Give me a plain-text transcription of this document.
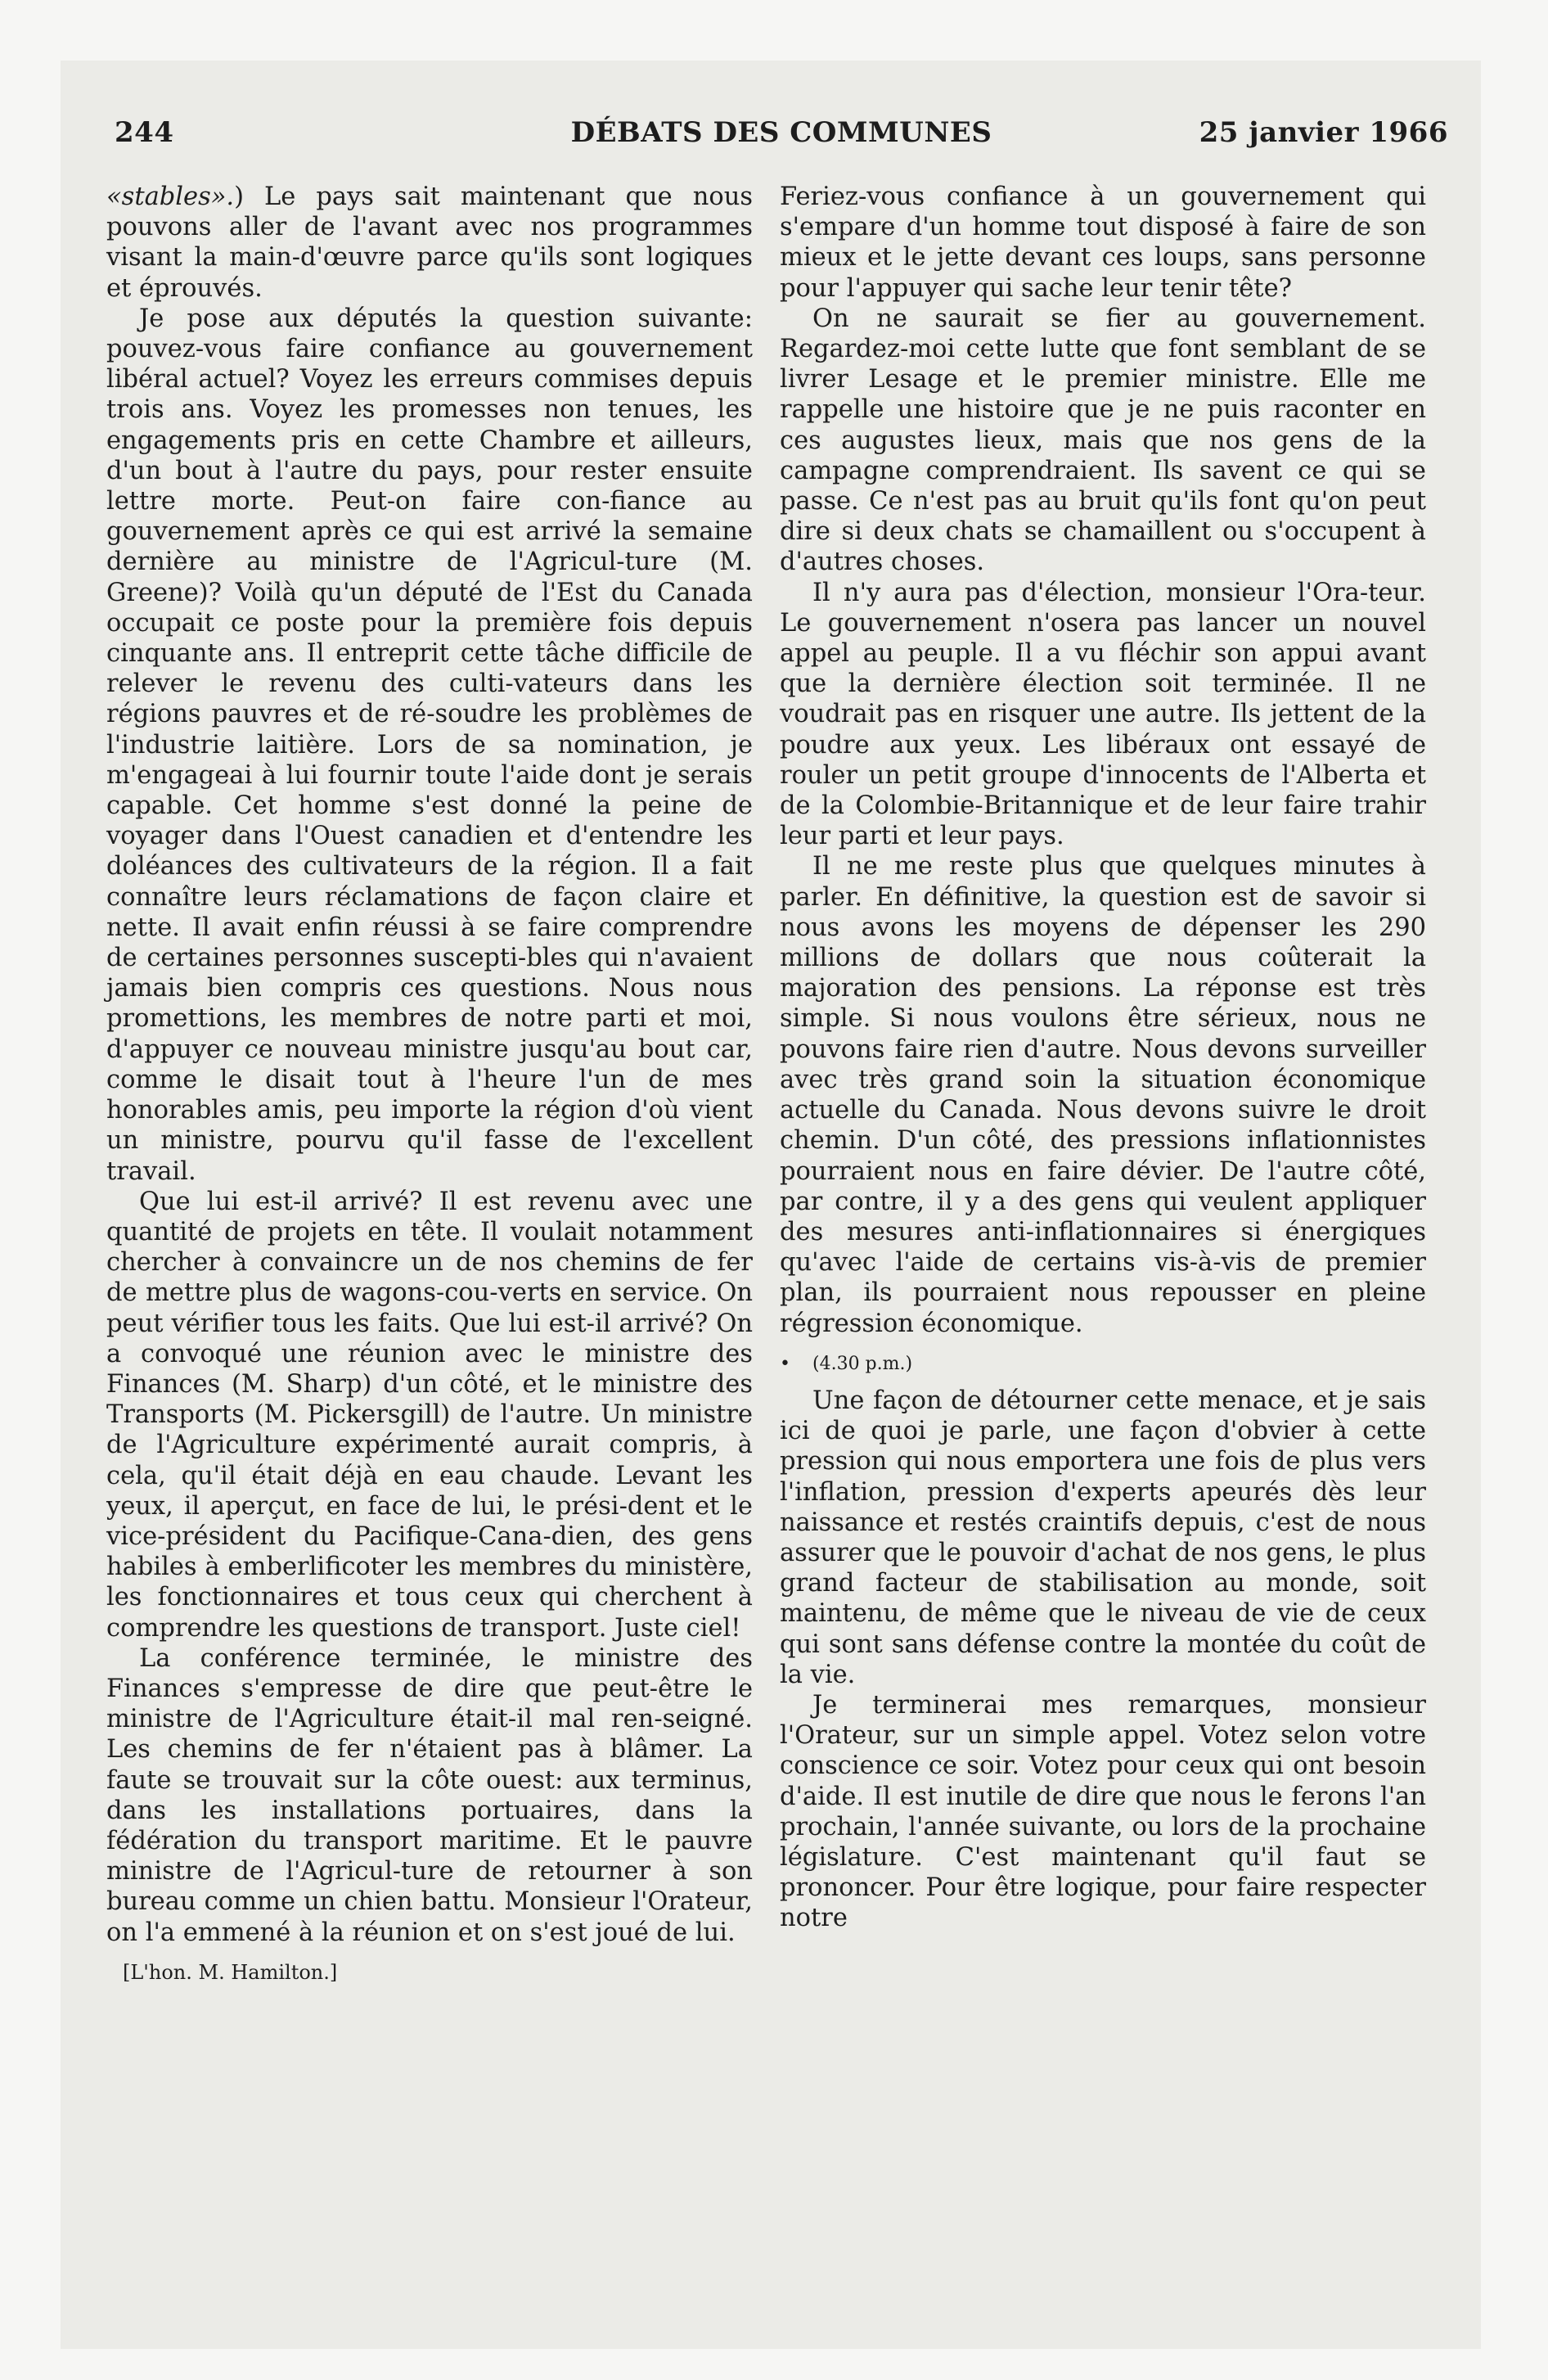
244	DÉBATS DES COMMUNES	25 janvier 1966

«stables».) Le pays sait maintenant que nous pouvons aller de l'avant avec nos programmes visant la main-d'œuvre parce qu'ils sont logiques et éprouvés.

Je pose aux députés la question suivante: pouvez-vous faire confiance au gouvernement libéral actuel? Voyez les erreurs commises depuis trois ans. Voyez les promesses non tenues, les engagements pris en cette Chambre et ailleurs, d'un bout à l'autre du pays, pour rester ensuite lettre morte. Peut-on faire con-fiance au gouvernement après ce qui est arrivé la semaine dernière au ministre de l'Agricul-ture (M. Greene)? Voilà qu'un député de l'Est du Canada occupait ce poste pour la première fois depuis cinquante ans. Il entreprit cette tâche difficile de relever le revenu des culti-vateurs dans les régions pauvres et de ré-soudre les problèmes de l'industrie laitière. Lors de sa nomination, je m'engageai à lui fournir toute l'aide dont je serais capable. Cet homme s'est donné la peine de voyager dans l'Ouest canadien et d'entendre les doléances des cultivateurs de la région. Il a fait connaître leurs réclamations de façon claire et nette. Il avait enfin réussi à se faire comprendre de certaines personnes suscepti-bles qui n'avaient jamais bien compris ces questions. Nous nous promettions, les membres de notre parti et moi, d'appuyer ce nouveau ministre jusqu'au bout car, comme le disait tout à l'heure l'un de mes honorables amis, peu importe la région d'où vient un ministre, pourvu qu'il fasse de l'excellent travail.

Que lui est-il arrivé? Il est revenu avec une quantité de projets en tête. Il voulait notamment chercher à convaincre un de nos chemins de fer de mettre plus de wagons-cou-verts en service. On peut vérifier tous les faits. Que lui est-il arrivé? On a convoqué une réunion avec le ministre des Finances (M. Sharp) d'un côté, et le ministre des Transports (M. Pickersgill) de l'autre. Un ministre de l'Agriculture expérimenté aurait compris, à cela, qu'il était déjà en eau chaude. Levant les yeux, il aperçut, en face de lui, le prési-dent et le vice-président du Pacifique-Cana-dien, des gens habiles à emberlificoter les membres du ministère, les fonctionnaires et tous ceux qui cherchent à comprendre les questions de transport. Juste ciel!

La conférence terminée, le ministre des Finances s'empresse de dire que peut-être le ministre de l'Agriculture était-il mal ren-seigné. Les chemins de fer n'étaient pas à blâmer. La faute se trouvait sur la côte ouest: aux terminus, dans les installations portuaires, dans la fédération du transport maritime. Et le pauvre ministre de l'Agricul-ture de retourner à son bureau comme un chien battu. Monsieur l'Orateur, on l'a emmené à la réunion et on s'est joué de lui.

[L'hon. M. Hamilton.]

Feriez-vous confiance à un gouvernement qui s'empare d'un homme tout disposé à faire de son mieux et le jette devant ces loups, sans personne pour l'appuyer qui sache leur tenir tête?

On ne saurait se fier au gouvernement. Regardez-moi cette lutte que font semblant de se livrer Lesage et le premier ministre. Elle me rappelle une histoire que je ne puis raconter en ces augustes lieux, mais que nos gens de la campagne comprendraient. Ils savent ce qui se passe. Ce n'est pas au bruit qu'ils font qu'on peut dire si deux chats se chamaillent ou s'occupent à d'autres choses.

Il n'y aura pas d'élection, monsieur l'Ora-teur. Le gouvernement n'osera pas lancer un nouvel appel au peuple. Il a vu fléchir son appui avant que la dernière élection soit terminée. Il ne voudrait pas en risquer une autre. Ils jettent de la poudre aux yeux. Les libéraux ont essayé de rouler un petit groupe d'innocents de l'Alberta et de la Colombie-Britannique et de leur faire trahir leur parti et leur pays.

Il ne me reste plus que quelques minutes à parler. En définitive, la question est de savoir si nous avons les moyens de dépenser les 290 millions de dollars que nous coûterait la majoration des pensions. La réponse est très simple. Si nous voulons être sérieux, nous ne pouvons faire rien d'autre. Nous devons surveiller avec très grand soin la situation économique actuelle du Canada. Nous devons suivre le droit chemin. D'un côté, des pressions inflationnistes pourraient nous en faire dévier. De l'autre côté, par contre, il y a des gens qui veulent appliquer des mesures anti-inflationnaires si énergiques qu'avec l'aide de certains vis-à-vis de premier plan, ils pourraient nous repousser en pleine régression économique.

• (4.30 p.m.)

Une façon de détourner cette menace, et je sais ici de quoi je parle, une façon d'obvier à cette pression qui nous emportera une fois de plus vers l'inflation, pression d'experts apeurés dès leur naissance et restés craintifs depuis, c'est de nous assurer que le pouvoir d'achat de nos gens, le plus grand facteur de stabilisation au monde, soit maintenu, de même que le niveau de vie de ceux qui sont sans défense contre la montée du coût de la vie.

Je terminerai mes remarques, monsieur l'Orateur, sur un simple appel. Votez selon votre conscience ce soir. Votez pour ceux qui ont besoin d'aide. Il est inutile de dire que nous le ferons l'an prochain, l'année suivante, ou lors de la prochaine législature. C'est maintenant qu'il faut se prononcer. Pour être logique, pour faire respecter notre
